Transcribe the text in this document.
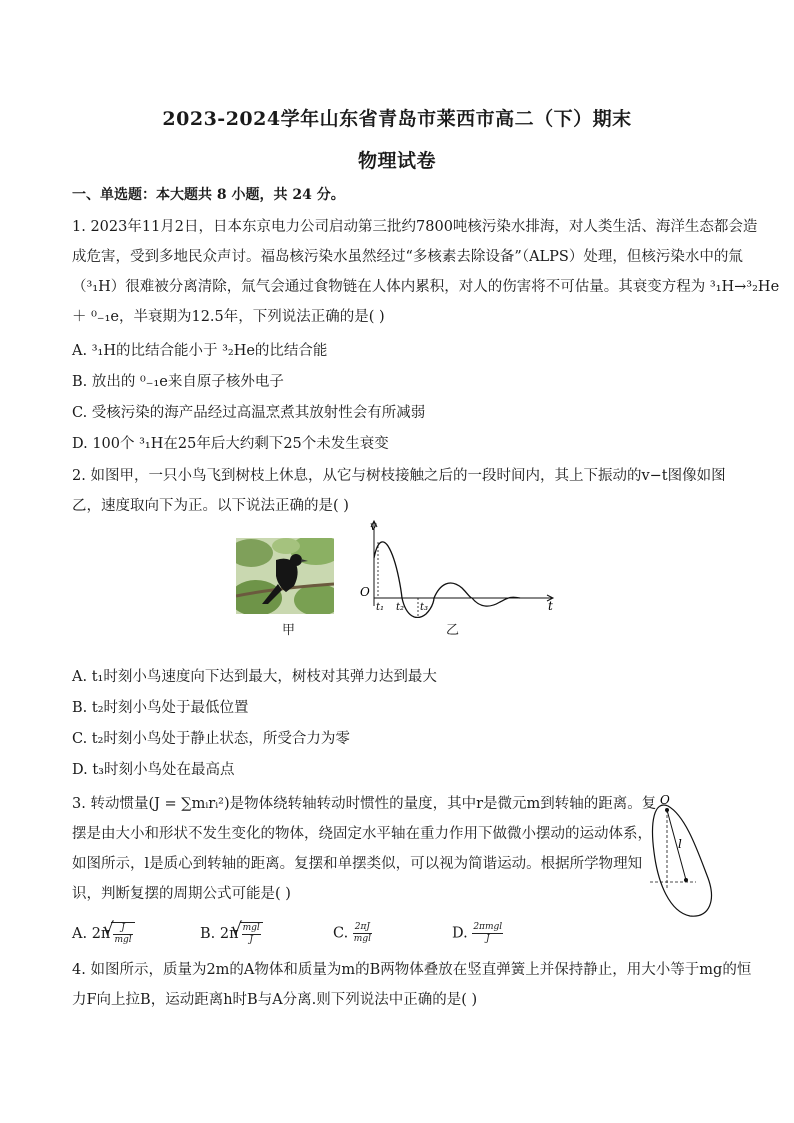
2023-2024学年山东省青岛市莱西市高二（下）期末
物理试卷
一、单选题：本大题共 8 小题，共 24 分。
1. 2023年11月2日，日本东京电力公司启动第三批约7800吨核污染水排海，对人类生活、海洋生态都会造
成危害，受到多地民众声讨。福岛核污染水虽然经过“多核素去除设备”（ALPS）处理，但核污染水中的氚
（³₁H）很难被分离清除，氚气会通过食物链在人体内累积，对人的伤害将不可估量。其衰变方程为 ³₁H→³₂He
＋ ⁰₋₁e，半衰期为12.5年，下列说法正确的是( )
A. ³₁H的比结合能小于 ³₂He的比结合能
B. 放出的 ⁰₋₁e来自原子核外电子
C. 受核污染的海产品经过高温烹煮其放射性会有所减弱
D. 100个 ³₁H在25年后大约剩下25个未发生衰变
2. 如图甲，一只小鸟飞到树枝上休息，从它与树枝接触之后的一段时间内，其上下振动的v−t图像如图
乙，速度取向下为正。以下说法正确的是( )
甲
O
v
t
t₁ t₂ t₃
乙
A. t₁时刻小鸟速度向下达到最大，树枝对其弹力达到最大
B. t₂时刻小鸟处于最低位置
C. t₂时刻小鸟处于静止状态，所受合力为零
D. t₃时刻小鸟处在最高点
3. 转动惯量(J = ∑mᵢrᵢ²)是物体绕转轴转动时惯性的量度，其中r是微元m到转轴的距离。复
摆是由大小和形状不发生变化的物体，绕固定水平轴在重力作用下做微小摆动的运动体系，
如图所示，l是质心到转轴的距离。复摆和单摆类似，可以视为简谐运动。根据所学物理知
识，判断复摆的周期公式可能是( )
O
l
A. 2π √ $\frac{J}{\text{mgl}}$	B. 2π √ $\frac{\text{mgl}}{J}$	C. $\frac{2\pi J}{\text{mgl}}$	D. $\frac{\text{2πmgl}}{J}$
4. 如图所示，质量为2m的A物体和质量为m的B两物体叠放在竖直弹簧上并保持静止，用大小等于mg的恒
力F向上拉B，运动距离h时B与A分离.则下列说法中正确的是( )
